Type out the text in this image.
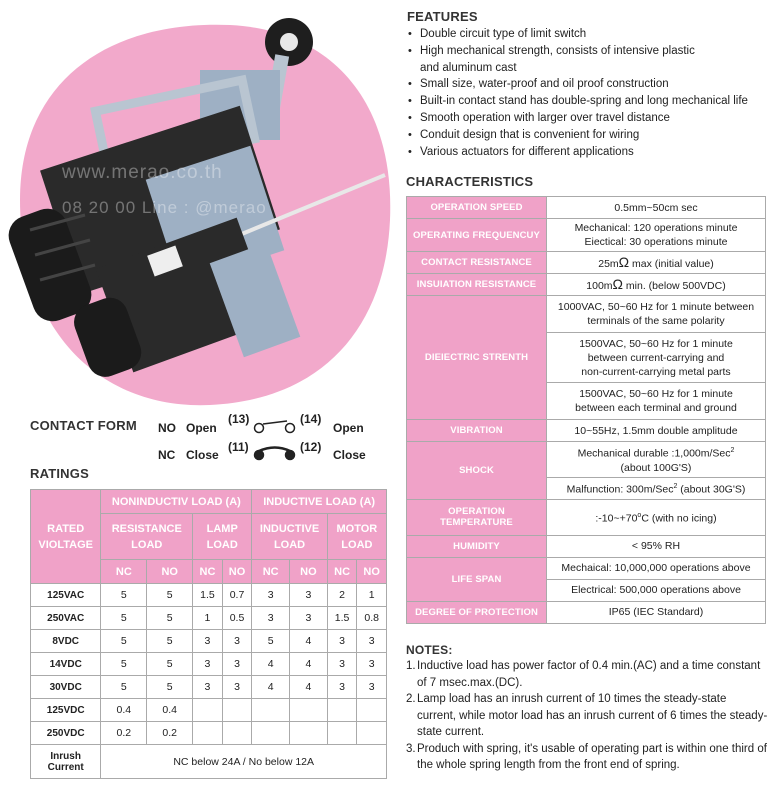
www.merao.co.th
08 20 00 Line : @merao
FEATURES
• Double circuit type of limit switch
• High mechanical strength, consists of intensive plastic
and aluminum cast
• Small size, water-proof and oil proof construction
• Built-in contact stand has double-spring and long mechanical life
• Smooth operation with larger over travel distance
• Conduit design that is convenient for wiring
• Various actuators for different applications
CHARACTERISTICS
OPERATION SPEED	0.5mm~50cm sec
OPERATING FREQUENCUY	Mechanical: 120 operations minute
Eiectical: 30 operations minute
CONTACT RESISTANCE	25mΩ max (initial value)
INSUIATION RESISTANCE	100mΩ min. (below 500VDC)
DIEIECTRIC STRENTH	1000VAC, 50~60 Hz for 1 minute between
terminals of the same polarity
	1500VAC, 50~60 Hz for 1 minute
between current-carrying and
non-current-carrying metal parts
	1500VAC, 50~60 Hz for 1 minute
between each terminal and ground
VIBRATION	10~55Hz, 1.5mm double amplitude
SHOCK	Mechanical durable :1,000m/Sec$^2$
(about 100G'S)
	Malfunction: 300m/Sec$^2$ (about 30G'S)
OPERATION
TEMPERATURE	$:-10\sim+70^oC$ (with no icing)
HUMIDITY	< 95% RH
LIFE SPAN	Mechaical: 10,000,000 operations above
	Electrical: 500,000 operations above
DEGREE OF PROTECTION	IP65 (IEC Standard)
CONTACT FORM NO Open
(13)	(14)
Open
NC Close
(11)	(12)
Close
RATINGS
RATED
VIOLTAGE	NONINDUCTIV LOAD (A)				INDUCTIVE LOAD (A)			
	RESISTANCE
LOAD		LAMP
LOAD		INDUCTIVE
LOAD		MOTOR
LOAD	
	NC	NO	NC	NO	NC	NO	NC	NO
125VAC	5	5	1.5	0.7	3	3	2	1
250VAC	5	5	1	0.5	3	3	1.5	0.8
8VDC	5	5	3	3	5	4	3	3
14VDC	5	5	3	3	4	4	3	3
30VDC	5	5	3	3	4	4	3	3
125VDC	0.4	0.4						
250VDC	0.2	0.2						
Inrush
Current	NC below 24A / No below 12A							
NOTES:

1. Inductive load has power factor of 0.4 min.(AC) and a time constant of 7 msec.max.(DC).

2. Lamp load has an inrush current of 10 times the steady-state current, while motor load has an inrush current of 6 times the steady-state current.

3. Produch with spring, it's usable of operating part is within one third of the whole spring length from the front end of spring.
